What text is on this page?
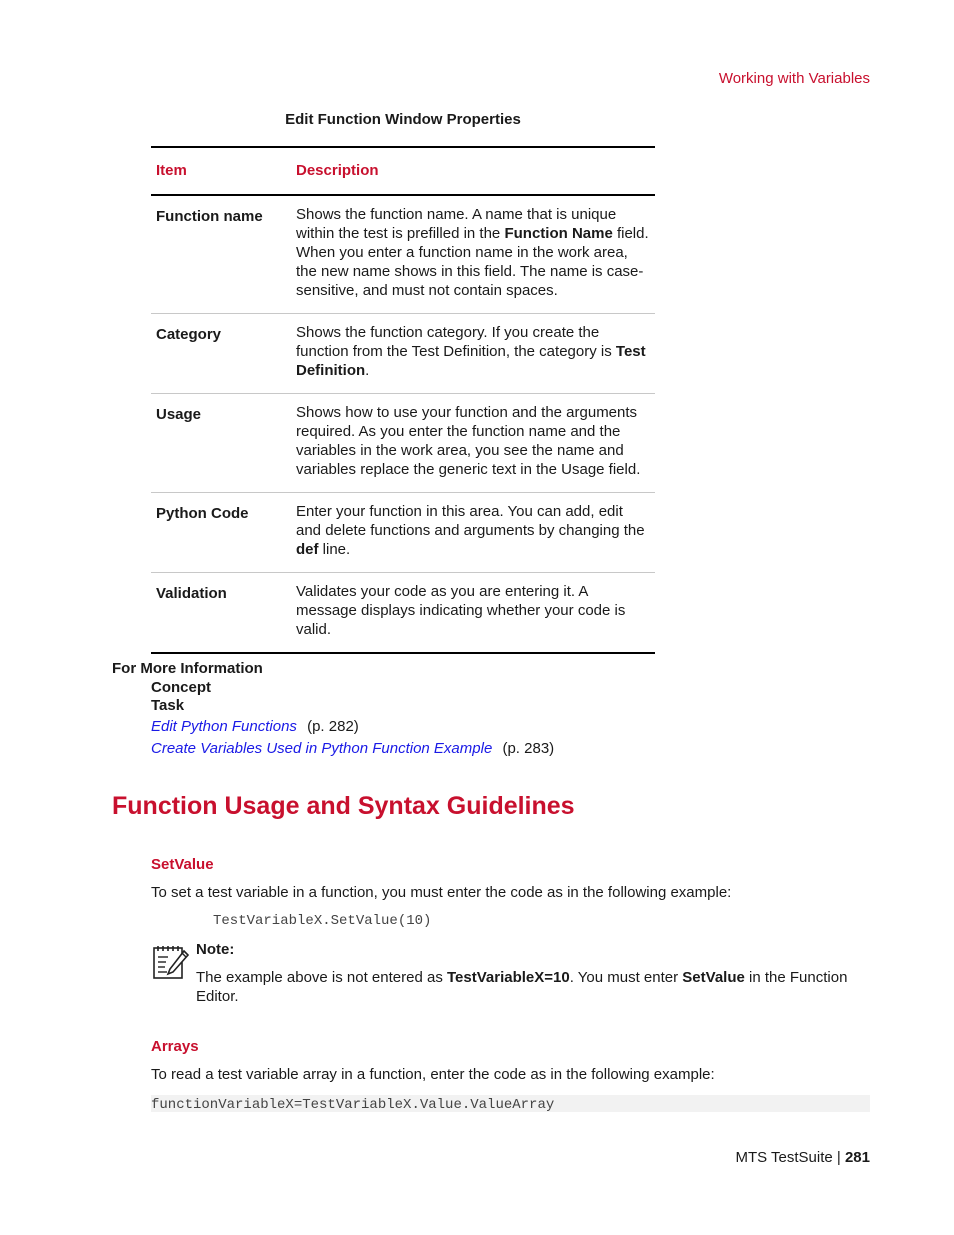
Working with Variables
Edit Function Window Properties
Item	Description
Function name	Shows the function name. A name that is unique within the test is prefilled in the Function Name field. When you enter a function name in the work area, the new name shows in this field. The name is case-sensitive, and must not contain spaces.
Category	Shows the function category. If you create the function from the Test Definition, the category is Test Definition.
Usage	Shows how to use your function and the arguments required. As you enter the function name and the variables in the work area, you see the name and variables replace the generic text in the Usage field.
Python Code	Enter your function in this area. You can add, edit and delete functions and arguments by changing the def line.
Validation	Validates your code as you are entering it. A message displays indicating whether your code is valid.
For More Information
Concept
Task
Edit Python Functions (p. 282)
Create Variables Used in Python Function Example (p. 283)
Function Usage and Syntax Guidelines
SetValue
To set a test variable in a function, you must enter the code as in the following example:
TestVariableX.SetValue(10)
Note:
The example above is not entered as TestVariableX=10. You must enter SetValue in the Function Editor.
Arrays
To read a test variable array in a function, enter the code as in the following example:
functionVariableX=TestVariableX.Value.ValueArray
MTS TestSuite | 281
